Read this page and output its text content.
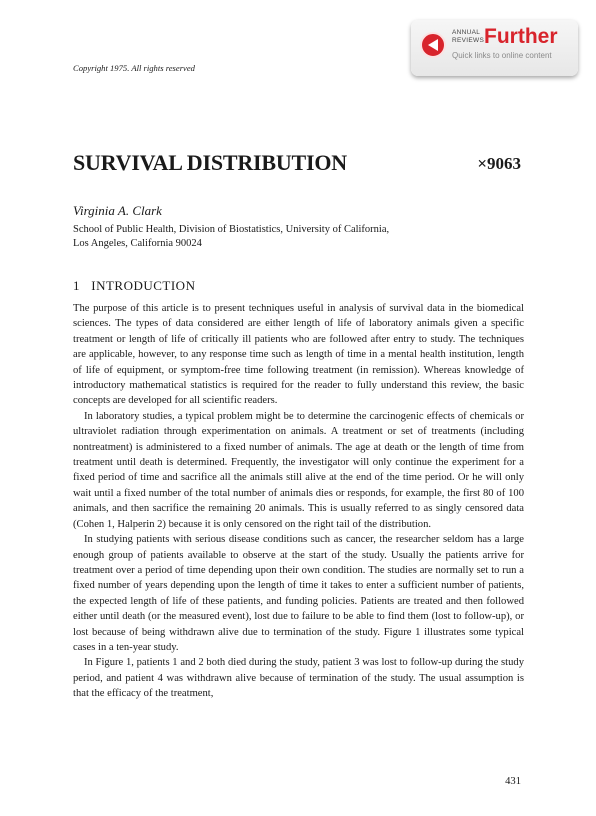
ANNUAL REVIEWS Further
Quick links to online content
Copyright 1975. All rights reserved
SURVIVAL DISTRIBUTION	×9063
Virginia A. Clark
School of Public Health, Division of Biostatistics, University of California,
Los Angeles, California 90024
1 INTRODUCTION

The purpose of this article is to present techniques useful in analysis of survival data in the biomedical sciences. The types of data considered are either length of life of laboratory animals given a specific treatment or length of life of critically ill patients who are followed after entry to study. The techniques are applicable, however, to any response time such as length of time in a mental health institution, length of life of equipment, or symptom-free time following treatment (in remission). Whereas knowledge of introductory mathematical statistics is required for the reader to fully understand this review, the basic concepts are developed for all scientific readers.

In laboratory studies, a typical problem might be to determine the carcinogenic effects of chemicals or ultraviolet radiation through experimentation on animals. A treatment or set of treatments (including nontreatment) is administered to a fixed number of animals. The age at death or the length of time from treatment until death is determined. Frequently, the investigator will only continue the experiment for a fixed period of time and sacrifice all the animals still alive at the end of the time period. Or he will only wait until a fixed number of the total number of animals dies or responds, for example, the first 80 of 100 animals, and then sacrifice the remaining 20 animals. This is usually referred to as singly censored data (Cohen 1, Halperin 2) because it is only censored on the right tail of the distribution.

In studying patients with serious disease conditions such as cancer, the researcher seldom has a large enough group of patients available to observe at the start of the study. Usually the patients arrive for treatment over a period of time depending upon their own condition. The studies are normally set to run a fixed number of years depending upon the length of time it takes to enter a sufficient number of patients, the expected length of life of these patients, and funding policies. Patients are treated and then followed either until death (or the measured event), lost due to failure to be able to find them (lost to follow-up), or lost because of being withdrawn alive due to termination of the study. Figure 1 illustrates some typical cases in a ten-year study.

In Figure 1, patients 1 and 2 both died during the study, patient 3 was lost to follow-up during the study period, and patient 4 was withdrawn alive because of termination of the study. The usual assumption is that the efficacy of the treatment,

431
